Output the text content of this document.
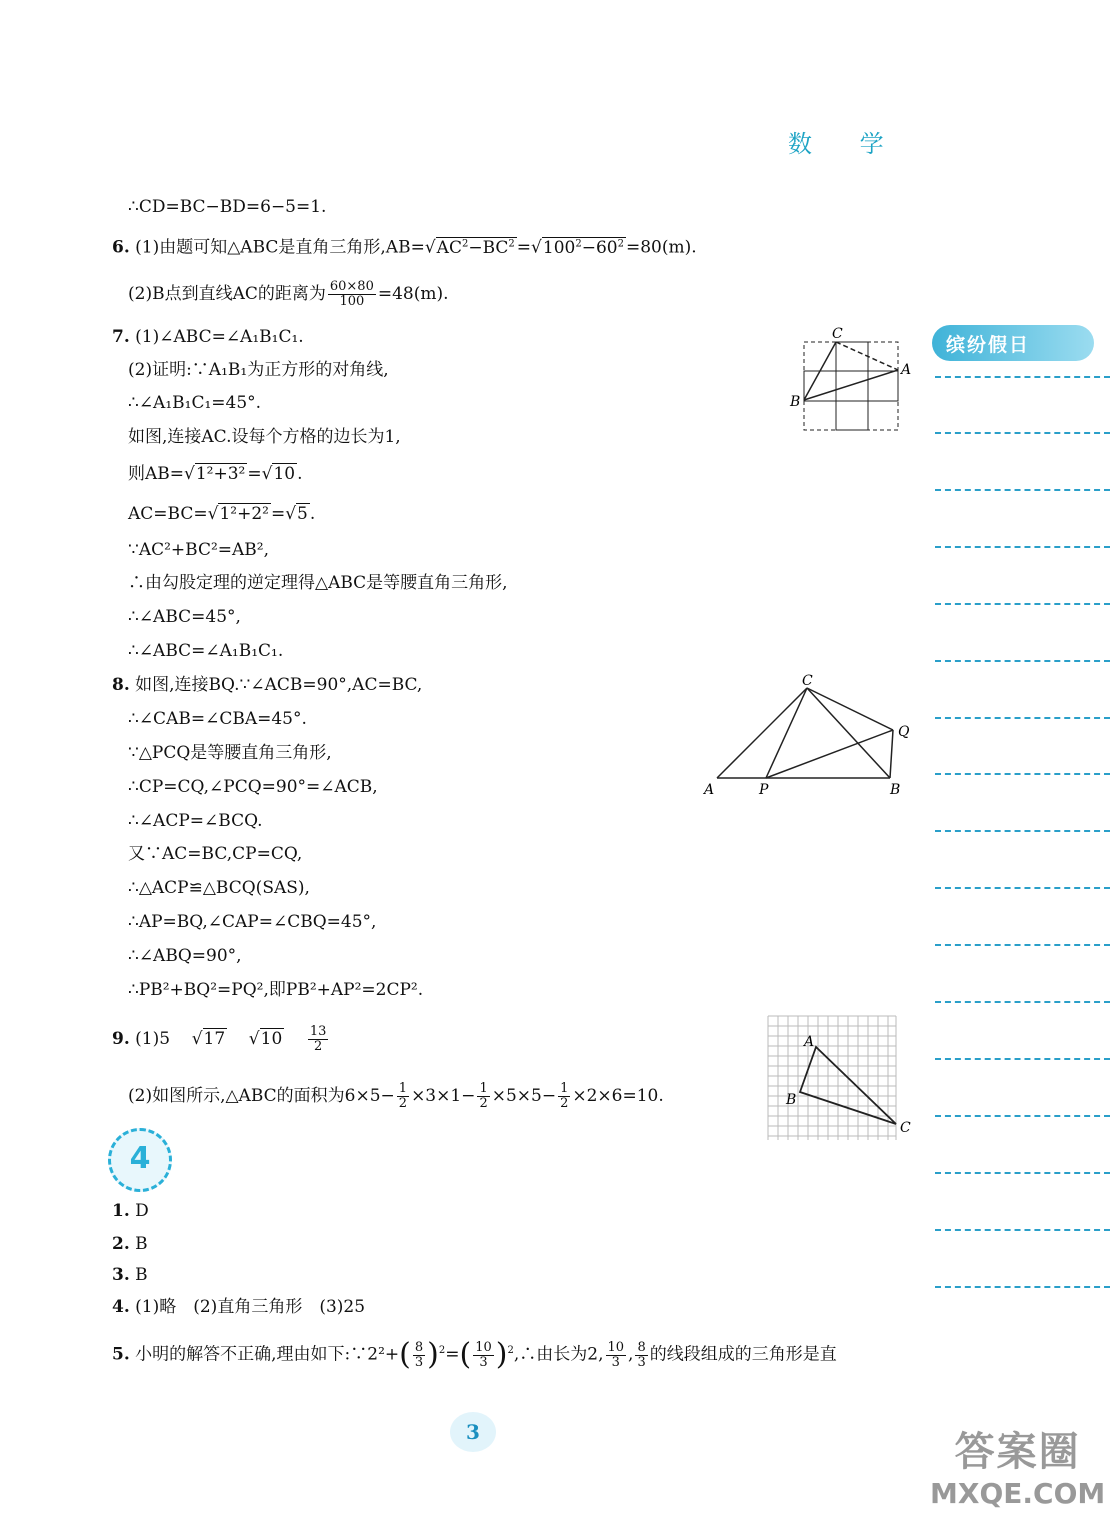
数 学
缤纷假日
∴CD=BC−BD=6−5=1.
6. (1)由题可知△ABC是直角三角形$,AB=√AC^2-BC^2 =√100^2-60^2 =80(m)$.
(2)B点到直线AC的距离为 $\frac{60\times 80}{100} =48(m)$.
7. (1)∠ABC=∠A₁B₁C₁.
(2)证明:∵A₁B₁为正方形的对角线,
∴∠A₁B₁C₁=45°.
如图,连接AC.设每个方格的边长为1,
则AB=√1²+3² =√10 .
AC=BC=√1²+2² =√5 .
∵AC²+BC²=AB²,
∴由勾股定理的逆定理得△ABC是等腰直角三角形,
∴∠ABC=45°,
∴∠ABC=∠A₁B₁C₁.
8. 如图,连接BQ.∵∠ACB=90°,AC=BC,
∴∠CAB=∠CBA=45°.
∵△PCQ是等腰直角三角形,
∴CP=CQ,∠PCQ=90°=∠ACB,
∴∠ACP=∠BCQ.
又∵AC=BC,CP=CQ,
∴△ACP≌△BCQ(SAS),
∴AP=BQ,∠CAP=∠CBQ=45°,
∴∠ABQ=90°,
∴PB²+BQ²=PQ²,即PB²+AP²=2CP².
9. (1)5 √17 $√10 \frac{13}{2}$
(2)如图所示,△ABC的面积为$6\times 5- \frac{1}{2} \times 3\times 1- \frac{1}{2} \times 5\times 5- \frac{1}{2} \times 2\times 6=10$.
4
1. D
2. B
3. B
4. (1)略　(2)直角三角形　(3)25
5. 小明的解答不正确,理由如下:∵2²+( $\frac{8}{3} )^2=( \frac{10}{3}$ )$^2,\therefore$由长为2, $\frac{10}{3}$ , $\frac{8}{3}$ 的线段组成的三角形是直
C
A
B
C
Q
A	P	B
A
B
C
3	答案圈
MXQE.COM
